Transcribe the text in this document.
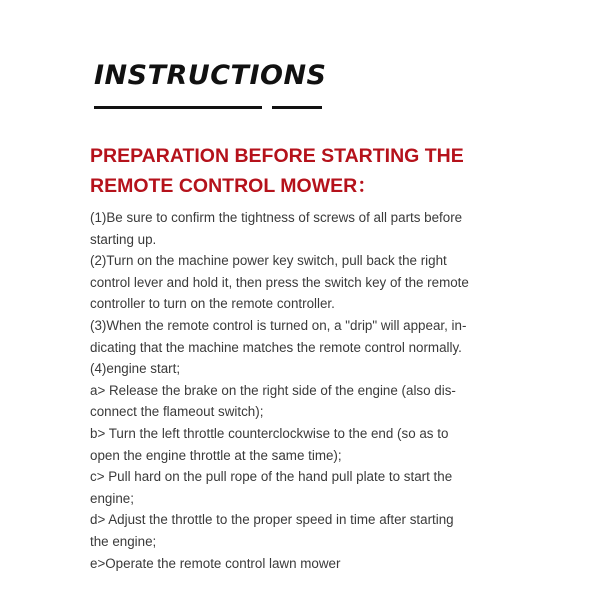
INSTRUCTIONS
PREPARATION BEFORE STARTING THE
REMOTE CONTROL MOWER：
(1)Be sure to confirm the tightness of screws of all parts before
starting up.
(2)Turn on the machine power key switch, pull back the right
control lever and hold it, then press the switch key of the remote
controller to turn on the remote controller.
(3)When the remote control is turned on, a "drip" will appear, in-
dicating that the machine matches the remote control normally.
(4)engine start;
a> Release the brake on the right side of the engine (also dis-
connect the flameout switch);
b> Turn the left throttle counterclockwise to the end (so as to
open the engine throttle at the same time);
c> Pull hard on the pull rope of the hand pull plate to start the
engine;
d> Adjust the throttle to the proper speed in time after starting
the engine;
e>Operate the remote control lawn mower
